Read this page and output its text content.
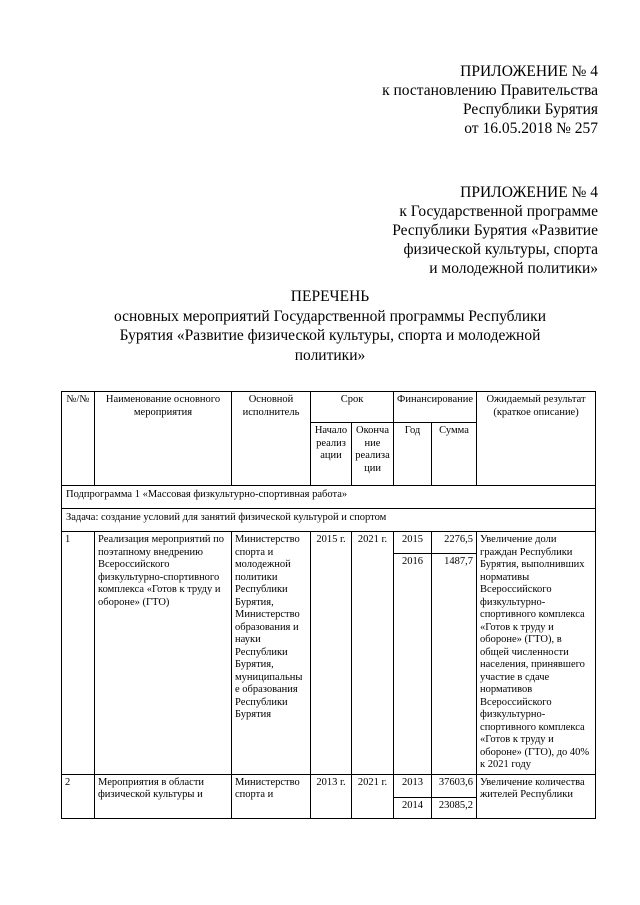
ПРИЛОЖЕНИЕ № 4
к постановлению Правительства
Республики Бурятия
от 16.05.2018 № 257
ПРИЛОЖЕНИЕ № 4
к Государственной программе
Республики Бурятия «Развитие
физической культуры, спорта
и молодежной политики»
ПЕРЕЧЕНЬ
основных мероприятий Государственной программы Республики Бурятия «Развитие физической культуры, спорта и молодежной политики»
№/№	Наименование основного мероприятия	Основной исполнитель	Срок		Финансирование		Ожидаемый результат (краткое описание)
			Начало реализации	Окончание реализации	Год	Сумма	
Подпрограмма 1 «Массовая физкультурно-спортивная работа»							
Задача: создание условий для занятий физической культурой и спортом							
1	Реализация мероприятий по поэтапному внедрению Всероссийского физкультурно-спортивного комплекса «Готов к труду и обороне» (ГТО)	Министерство спорта и молодежной политики Республики Бурятия, Министерство образования и науки Республики Бурятия, муниципальные образования Республики Бурятия	2015 г.	2021 г.	2015	2276,5	Увеличение доли граждан Республики Бурятия, выполнивших нормативы Всероссийского физкультурно-спортивного комплекса «Готов к труду и обороне» (ГТО), в общей численности населения, принявшего участие в сдаче нормативов Всероссийского физкультурно-спортивного комплекса «Готов к труду и обороне» (ГТО), до 40% к 2021 году
					2016	1487,7	
2	Мероприятия в области физической культуры и	Министерство спорта и	2013 г.	2021 г.	2013	37603,6	Увеличение количества жителей Республики
					2014	23085,2	
